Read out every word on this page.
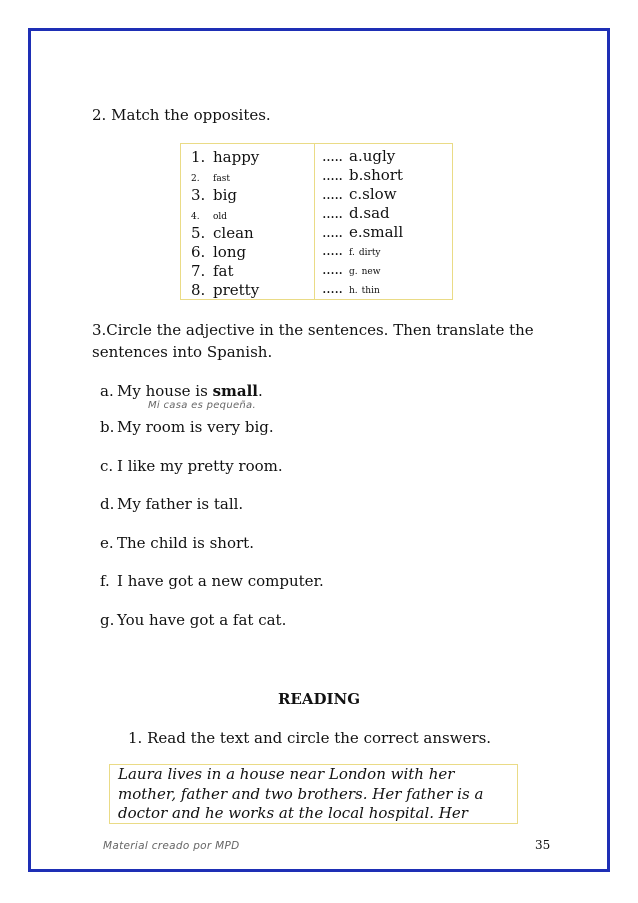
2. Match the opposites.
1. happy
2. fast
3. big
4. old
5. clean
6. long
7. fat
8. pretty
..... a.ugly
..... b.short
..... c.slow
..... d.sad
..... e.small
..... f. dirty
..... g. new
..... h. thin
3.Circle the adjective in the sentences. Then translate the
sentences into Spanish.
a. My house is small.
Mi casa es pequeña.
b. My room is very big.
c. I like my pretty room.
d. My father is tall.
e. The child is short.
f. I have got a new computer.
g. You have got a fat cat.
READING
1. Read the text and circle the correct answers.
Laura lives in a house near London with her
mother, father and two brothers. Her father is a
doctor and he works at the local hospital. Her
Material creado por MPD	35
